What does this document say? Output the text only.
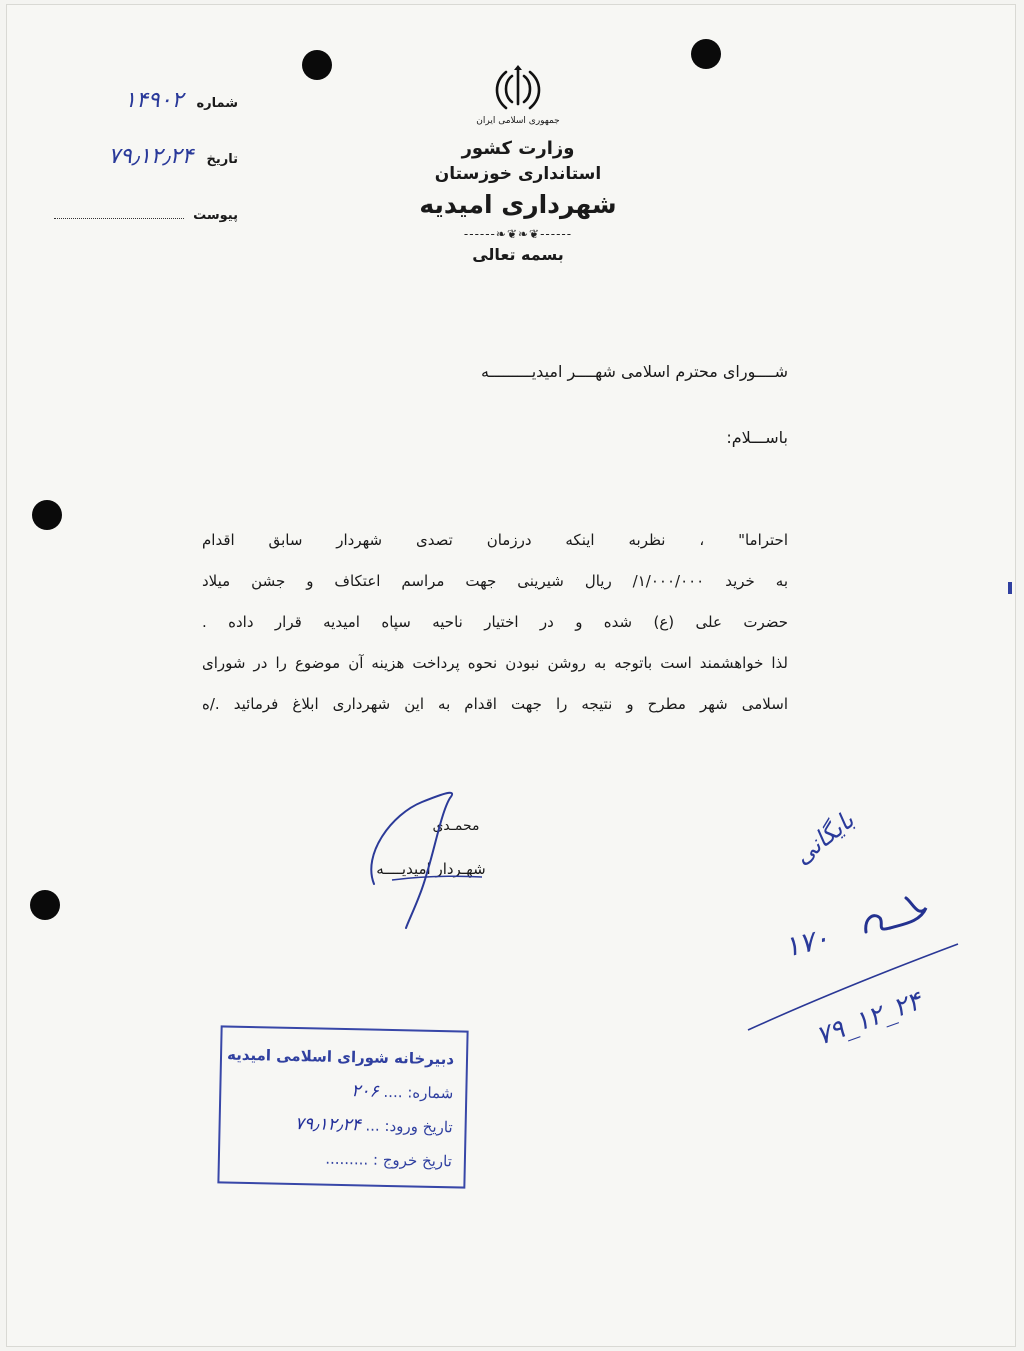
شماره ۱۴۹۰۲
تاریخ ۷۹٫۱۲٫۲۴
پیوست
جمهوری اسلامی ایران
وزارت کشور
استانداری خوزستان
شهرداری امیدیه
‑‑‑‑‑‑❦❧❦❧‑‑‑‑‑‑
بسمه تعالی
شــــورای محترم اسلامی شهــــر امیدیـــــــــه
باســـلام:
احتراما" ، نظربه اینکه درزمان تصدی شهردار سابق اقدام
به خرید ۱/۰۰۰/۰۰۰/ ریال شیرینی جهت مراسم اعتکاف و جشن میلاد
حضرت علی (ع) شده و در اختیار ناحیه سپاه امیدیه قرار داده .
لذا خواهشمند است باتوجه به روشن نبودن نحوه پرداخت هزینه آن موضوع را در شورای
اسلامی شهر مطرح و نتیجه را جهت اقدام به این شهرداری ابلاغ فرمائید ./ه
محمـدی
شهـردار امیدیــــه	بایگانی
۱۷۰
۷۹_۱۲_۲۴
دبیرخانه شورای اسلامی امیدیه
شماره: .... ۲۰۶
تاریخ ورود: ... ۷۹٫۱۲٫۲۴
تاریخ خروج : .........
